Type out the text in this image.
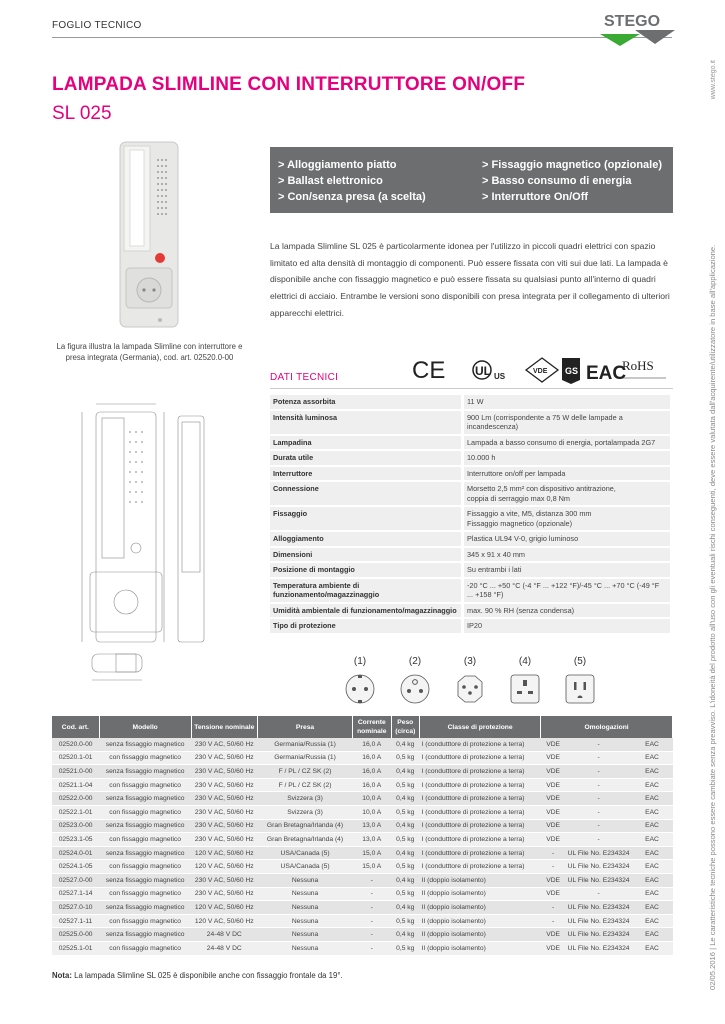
FOGLIO TECNICO	STEGO
LAMPADA SLIMLINE CON INTERRUTTORE ON/OFF
SL 025
www.stego.it
02/05.2016 | Le caratteristiche tecniche possono essere cambiate senza preavviso. L'idoneità del prodotto all'uso con gli eventuali rischi conseguenti, deve essere valutata dall'acquirente/utilizzatore in base all'applicazione.
La figura illustra la lampada Slimline con interruttore e presa integrata (Germania), cod. art. 02520.0-00
> Alloggiamento piatto
> Ballast elettronico
> Con/senza presa (a scelta)
> Fissaggio magnetico (opzionale)
> Basso consumo di energia
> Interruttore On/Off
La lampada Slimline SL 025 è particolarmente idonea per l'utilizzo in piccoli quadri elettrici con spazio limitato ed alta densità di montaggio di componenti. Può essere fissata con viti sui due lati. La lampada è disponibile anche con fissaggio magnetico e può essere fissata su qualsiasi punto all'interno di quadri elettrici di acciaio. Entrambe le versioni sono disponibili con presa integrata per il collegamento di ulteriori apparecchi elettrici.
DATI TECNICI	CE UL US
VDE GS EAC
RoHS
Potenza assorbita	11 W

Intensità luminosa	900 Lm (corrispondente a 75 W delle lampade a incandescenza)

Lampadina	Lampada a basso consumo di energia, portalampada 2G7

Durata utile	10.000 h

Interruttore	Interruttore on/off per lampada

Connessione	Morsetto 2,5 mm² con dispositivo antitrazione,
coppia di serraggio max 0,8 Nm

Fissaggio	Fissaggio a vite, M5, distanza 300 mm
Fissaggio magnetico (opzionale)

Alloggiamento	Plastica UL94 V-0, grigio luminoso

Dimensioni	345 x 91 x 40 mm

Posizione di montaggio	Su entrambi i lati

Temperatura ambiente di funzionamento/magazzinaggio	-20 °C ... +50 °C (-4 °F ... +122 °F)/-45 °C ... +70 °C (-49 °F ... +158 °F)

Umidità ambientale di funzionamento/magazzinaggio	max. 90 % RH (senza condensa)

Tipo di protezione	IP20
(1)	(2)	(3)	(4)	(5)
Cod. art.	Modello	Tensione nominale	Presa	Corrente nominale	Peso (circa)	Classe di protezione	Omologazioni		
02520.0-00	senza fissaggio magnetico	230 V AC, 50/60 Hz	Germania/Russia (1)	16,0 A	0,4 kg	I (condutttore di protezione a terra)	VDE	-	EAC
02520.1-01	con fissaggio magnetico	230 V AC, 50/60 Hz	Germania/Russia (1)	16,0 A	0,5 kg	I (condutttore di protezione a terra)	VDE	-	EAC
02521.0-00	senza fissaggio magnetico	230 V AC, 50/60 Hz	F / PL / CZ SK (2)	16,0 A	0,4 kg	I (condutttore di protezione a terra)	VDE	-	EAC
02521.1-04	con fissaggio magnetico	230 V AC, 50/60 Hz	F / PL / CZ SK (2)	16,0 A	0,5 kg	I (condutttore di protezione a terra)	VDE	-	EAC
02522.0-00	senza fissaggio magnetico	230 V AC, 50/60 Hz	Svizzera (3)	10,0 A	0,4 kg	I (condutttore di protezione a terra)	VDE	-	EAC
02522.1-01	con fissaggio magnetico	230 V AC, 50/60 Hz	Svizzera (3)	10,0 A	0,5 kg	I (condutttore di protezione a terra)	VDE	-	EAC
02523.0-00	senza fissaggio magnetico	230 V AC, 50/60 Hz	Gran Bretagna/Irlanda (4)	13,0 A	0,4 kg	I (condutttore di protezione a terra)	VDE	-	EAC
02523.1-05	con fissaggio magnetico	230 V AC, 50/60 Hz	Gran Bretagna/Irlanda (4)	13,0 A	0,5 kg	I (condutttore di protezione a terra)	VDE	-	EAC
02524.0-01	senza fissaggio magnetico	120 V AC, 50/60 Hz	USA/Canada (5)	15,0 A	0,4 kg	I (condutttore di protezione a terra)	-	UL File No. E234324	EAC
02524.1-05	con fissaggio magnetico	120 V AC, 50/60 Hz	USA/Canada (5)	15,0 A	0,5 kg	I (condutttore di protezione a terra)	-	UL File No. E234324	EAC
02527.0-00	senza fissaggio magnetico	230 V AC, 50/60 Hz	Nessuna	-	0,4 kg	II (doppio isolamento)	VDE	UL File No. E234324	EAC
02527.1-14	con fissaggio magnetico	230 V AC, 50/60 Hz	Nessuna	-	0,5 kg	II (doppio isolamento)	VDE	-	EAC
02527.0-10	senza fissaggio magnetico	120 V AC, 50/60 Hz	Nessuna	-	0,4 kg	II (doppio isolamento)	-	UL File No. E234324	EAC
02527.1-11	con fissaggio magnetico	120 V AC, 50/60 Hz	Nessuna	-	0,5 kg	II (doppio isolamento)	-	UL File No. E234324	EAC
02525.0-00	senza fissaggio magnetico	24-48 V DC	Nessuna	-	0,4 kg	II (doppio isolamento)	VDE	UL File No. E234324	EAC
02525.1-01	con fissaggio magnetico	24-48 V DC	Nessuna	-	0,5 kg	II (doppio isolamento)	VDE	UL File No. E234324	EAC
Nota: La lampada Slimline SL 025 è disponibile anche con fissaggio frontale da 19°.
